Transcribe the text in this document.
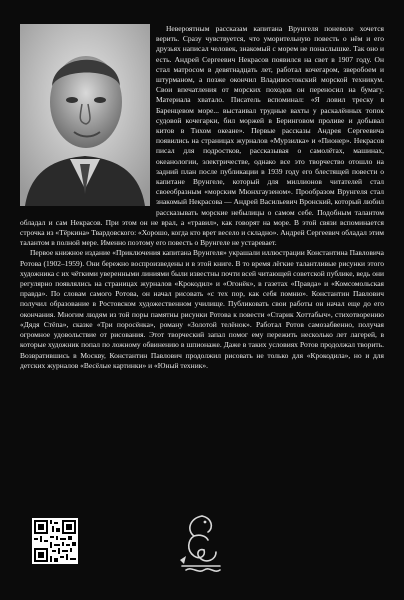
Невероятным рассказам капитана Врунгеля поневоле хочется верить. Сразу чувствуется, что уморительную повесть о нём и его друзьях написал человек, знакомый с морем не понаслышке. Так оно и есть. Андрей Сергеевич Некрасов появился на свет в 1907 году. Он стал матросом в девятнадцать лет, работал кочегаром, зверобоем и штурманом, а позже окончил Владивостокский морской техникум. Свои впечатления от морских походов он переносил на бумагу. Материала хватало. Писатель вспоминал: «Я ловил треску в Баренцевом море... выстаивал трудные вахты у раскалённых топок судовой кочегарки, бил моржей в Беринговом проливе и добывал китов в Тихом океане». Первые рассказы Андрея Сергеевича появились на страницах журналов «Мурзилка» и «Пионер». Некрасов писал для подростков, рассказывая о самолётах, машинах, океанологии, электричестве, однако все это творчество отошло на задний план после публикации в 1939 году его блестящей повести о капитане Врунгеле, который для миллионов читателей стал своеобразным «морским Мюнхгаузеном». Прообразом Врунгеля стал знакомый Некрасова — Андрей Васильевич Вронский, который любил рассказывать морские небылицы о самом себе. Подобным талантом обладал и сам Некрасов. При этом он не врал, а «травил», как говорят на море. В этой связи вспоминается строчка из «Тёркина» Твардовского: «Хорошо, когда кто врет весело и складно». Андрей Сергеевич обладал этим талантом в полной мере. Именно поэтому его повесть о Врунгеле не устаревает.

Первое книжное издание «Приключения капитана Врунгеля» украшали иллюстрации Константина Павловича Ротова (1902–1959). Они бережно воспроизведены и в этой книге. В то время лёгкие талантливые рисунки этого художника с их чёткими уверенными линиями были известны почти всей читающей советской публике, ведь они регулярно появлялись на страницах журналов «Крокодил» и «Огонёк», в газетах «Правда» и «Комсомольская правда». По словам самого Ротова, он начал рисовать «с тех пор, как себя помню». Константин Павлович получил образование в Ростовском художественном училище. Публиковать свои работы он начал еще до его окончания. Многим людям из той поры памятны рисунки Ротова к повести «Старик Хоттабыч», стихотворению «Дядя Стёпа», сказке «Три поросёнка», роману «Золотой телёнок». Работал Ротов самозабвенно, получая огромное удовольствие от рисования. Этот творческий запал помог ему пережить несколько лет лагерей, в которые художник попал по ложному обвинению в шпионаже. Даже в таких условиях Ротов продолжал творить. Возвратившись в Москву, Константин Павлович продолжил рисовать не только для «Крокодила», но и для детских журналов «Весёлые картинки» и «Юный техник».
